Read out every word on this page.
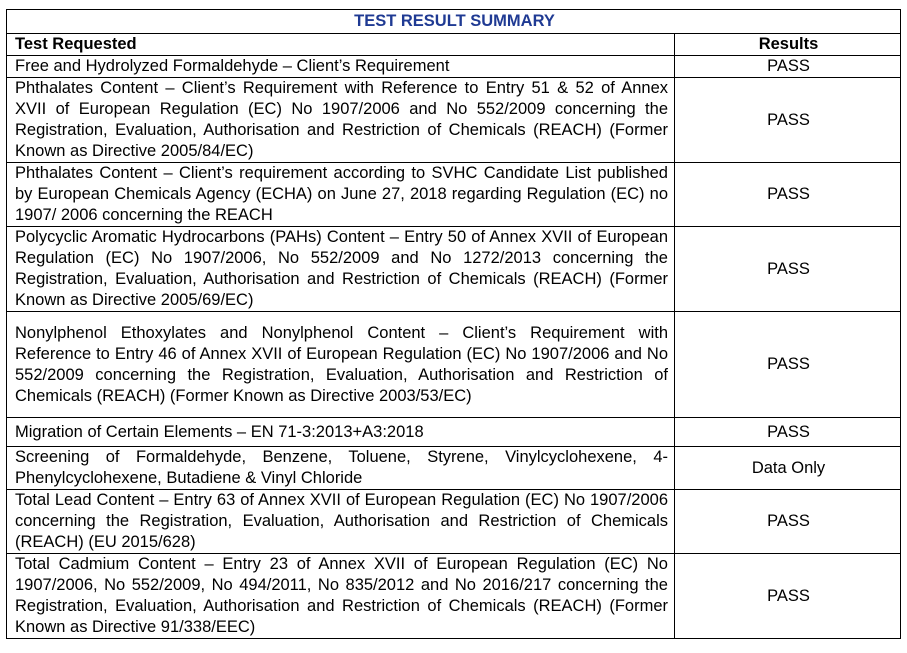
TEST RESULT SUMMARY	
Test Requested	Results
Free and Hydrolyzed Formaldehyde – Client’s Requirement	PASS
Phthalates Content – Client’s Requirement with Reference to Entry 51 & 52 of Annex XVII of European Regulation (EC) No 1907/2006 and No 552/2009 concerning the Registration, Evaluation, Authorisation and Restriction of Chemicals (REACH) (Former Known as Directive 2005/84/EC)	PASS
Phthalates Content – Client’s requirement according to SVHC Candidate List published by European Chemicals Agency (ECHA) on June 27, 2018 regarding Regulation (EC) no 1907/ 2006 concerning the REACH	PASS
Polycyclic Aromatic Hydrocarbons (PAHs) Content – Entry 50 of Annex XVII of European Regulation (EC) No 1907/2006, No 552/2009 and No 1272/2013 concerning the Registration, Evaluation, Authorisation and Restriction of Chemicals (REACH) (Former Known as Directive 2005/69/EC)	PASS
Nonylphenol Ethoxylates and Nonylphenol Content – Client’s Requirement with Reference to Entry 46 of Annex XVII of European Regulation (EC) No 1907/2006 and No 552/2009 concerning the Registration, Evaluation, Authorisation and Restriction of Chemicals (REACH) (Former Known as Directive 2003/53/EC)	PASS
Migration of Certain Elements – EN 71-3:2013+A3:2018	PASS
Screening of Formaldehyde, Benzene, Toluene, Styrene, Vinylcyclohexene, 4-Phenylcyclohexene, Butadiene & Vinyl Chloride	Data Only
Total Lead Content – Entry 63 of Annex XVII of European Regulation (EC) No 1907/2006 concerning the Registration, Evaluation, Authorisation and Restriction of Chemicals (REACH) (EU 2015/628)	PASS
Total Cadmium Content – Entry 23 of Annex XVII of European Regulation (EC) No 1907/2006, No 552/2009, No 494/2011, No 835/2012 and No 2016/217 concerning the Registration, Evaluation, Authorisation and Restriction of Chemicals (REACH) (Former Known as Directive 91/338/EEC)	PASS
